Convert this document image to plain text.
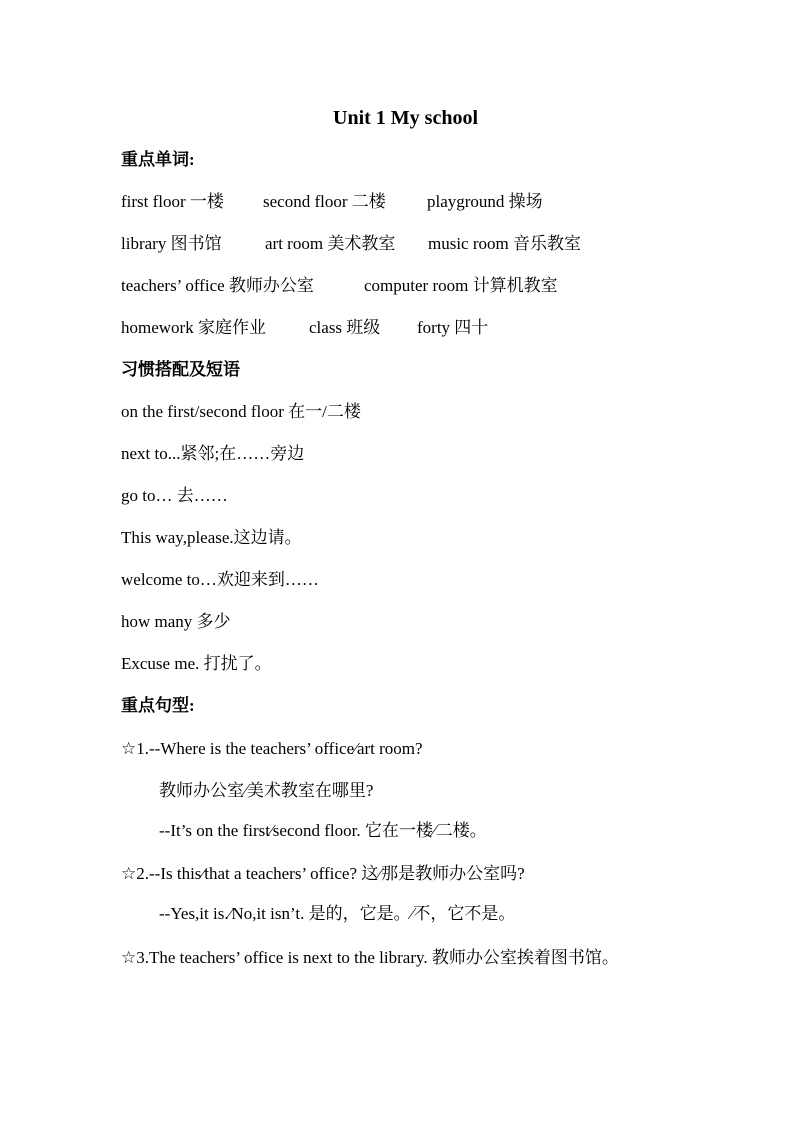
Unit 1 My school
重点单词:
first floor 一楼 second floor 二楼 playground 操场
library 图书馆	art room 美术教室 music room 音乐教室
teachers’ office 教师办公室	computer room 计算机教室
homework 家庭作业	class 班级 forty 四十
习惯搭配及短语
on the first/second floor 在一/二楼
next to...紧邻;在……旁边
go to… 去……
This way,please.这边请。
welcome to…欢迎来到……
how many 多少
Excuse me. 打扰了。
重点句型:
☆1.--Where is the teachers’ office⁄art room?
教师办公室⁄美术教室在哪里?
--It’s on the first⁄second floor. 它在一楼⁄二楼。
☆2.--Is this⁄that a teachers’ office? 这⁄那是教师办公室吗?
--Yes,it is.⁄No,it isn’t. 是的，它是。⁄不，它不是。
☆3.The teachers’ office is next to the library. 教师办公室挨着图书馆。
